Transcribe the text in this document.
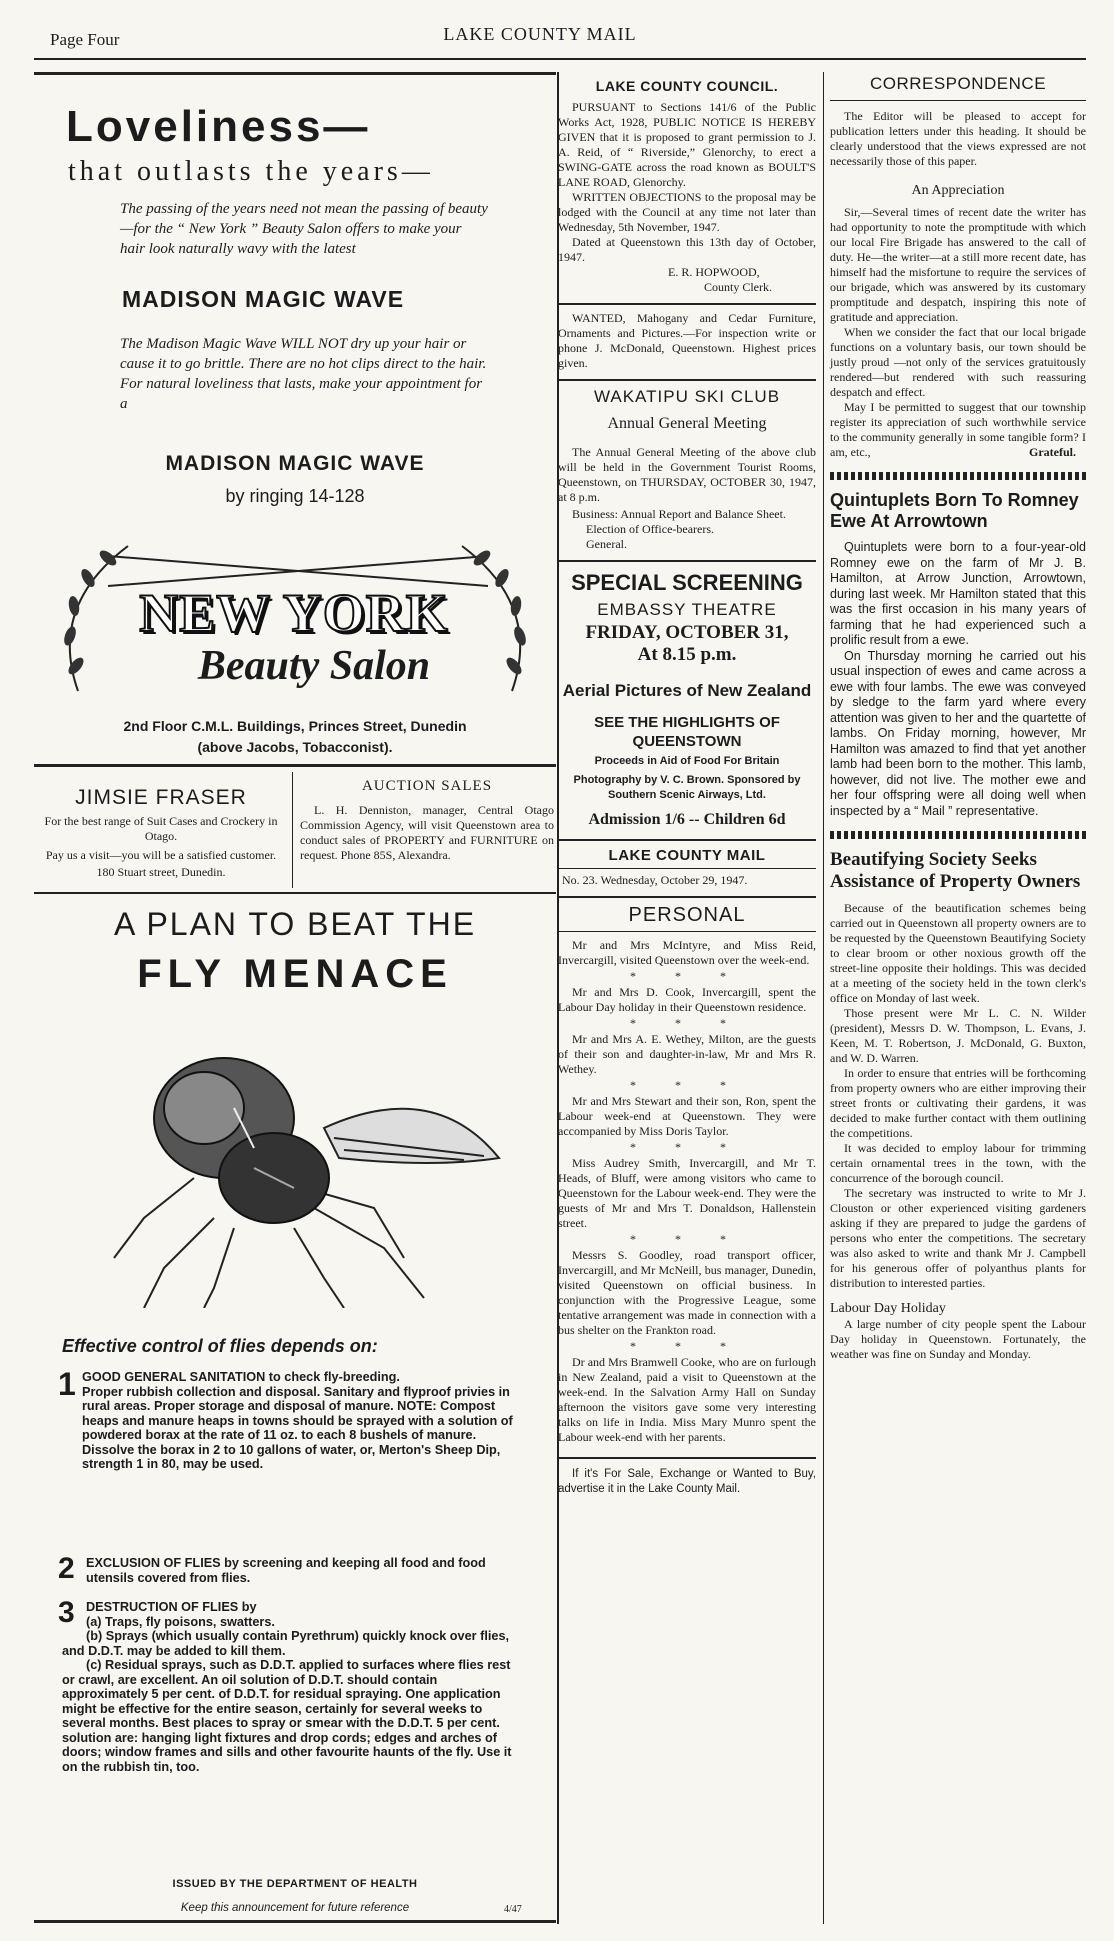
Page Four	LAKE COUNTY MAIL
Loveliness—
that outlasts the years—
The passing of the years need not mean the passing of beauty—for the “ New York ” Beauty Salon offers to make your hair look naturally wavy with the latest
MADISON MAGIC WAVE
The Madison Magic Wave WILL NOT dry up your hair or cause it to go brittle. There are no hot clips direct to the hair. For natural loveliness that lasts, make your appointment for a
MADISON MAGIC WAVE
by ringing 14-128
NEW YORK
Beauty Salon
2nd Floor C.M.L. Buildings, Princes Street, Dunedin
(above Jacobs, Tobacconist).
JIMSIE FRASER
For the best range of Suit Cases and Crockery in Otago.
Pay us a visit—you will be a satisfied customer.
180 Stuart street, Dunedin.
AUCTION SALES
L. H. Denniston, manager, Central Otago Commission Agency, will visit Queenstown area to conduct sales of PROPERTY and FURNITURE on request. Phone 85S, Alexandra.
A PLAN TO BEAT THE
FLY MENACE
Effective control of flies depends on:
1 GOOD GENERAL SANITATION to check fly-breeding.
Proper rubbish collection and disposal. Sanitary and flyproof privies in rural areas. Proper storage and disposal of manure. NOTE: Compost heaps and manure heaps in towns should be sprayed with a solution of powdered borax at the rate of 11 oz. to each 8 bushels of manure. Dissolve the borax in 2 to 10 gallons of water, or, Merton's Sheep Dip, strength 1 in 80, may be used.
2 EXCLUSION OF FLIES by screening and keeping all food and food utensils covered from flies.
3 DESTRUCTION OF FLIES by
(a) Traps, fly poisons, swatters.
(b) Sprays (which usually contain Pyrethrum) quickly knock over flies, and D.D.T. may be added to kill them.
(c) Residual sprays, such as D.D.T. applied to surfaces where flies rest or crawl, are excellent. An oil solution of D.D.T. should contain approximately 5 per cent. of D.D.T. for residual spraying. One application might be effective for the entire season, certainly for several weeks to several months. Best places to spray or smear with the D.D.T. 5 per cent. solution are: hanging light fixtures and drop cords; edges and arches of doors; window frames and sills and other favourite haunts of the fly. Use it on the rubbish tin, too.
ISSUED BY THE DEPARTMENT OF HEALTH
Keep this announcement for future reference	4/47
LAKE COUNTY COUNCIL.
PURSUANT to Sections 141/6 of the Public Works Act, 1928, PUBLIC NOTICE IS HEREBY GIVEN that it is proposed to grant permission to J. A. Reid, of “ Riverside,” Glenorchy, to erect a SWING-GATE across the road known as BOULT'S LANE ROAD, Glenorchy.
WRITTEN OBJECTIONS to the proposal may be lodged with the Council at any time not later than Wednesday, 5th November, 1947.
Dated at Queenstown this 13th day of October, 1947.
E. R. HOPWOOD,
County Clerk.
WANTED, Mahogany and Cedar Furniture, Ornaments and Pictures.—For inspection write or phone J. McDonald, Queenstown. Highest prices given.
WAKATIPU SKI CLUB
Annual General Meeting
The Annual General Meeting of the above club will be held in the Government Tourist Rooms, Queenstown, on THURSDAY, OCTOBER 30, 1947, at 8 p.m.
Business: Annual Report and Balance Sheet.
Election of Office-bearers.
General.
SPECIAL SCREENING
EMBASSY THEATRE
FRIDAY, OCTOBER 31,
At 8.15 p.m.
Aerial Pictures of New Zealand
SEE THE HIGHLIGHTS OF QUEENSTOWN
Proceeds in Aid of Food For Britain
Photography by V. C. Brown. Sponsored by Southern Scenic Airways, Ltd.
Admission 1/6 -- Children 6d
LAKE COUNTY MAIL
No. 23. Wednesday, October 29, 1947.
PERSONAL
Mr and Mrs McIntyre, and Miss Reid, Invercargill, visited Queenstown over the week-end.
* * *
Mr and Mrs D. Cook, Invercargill, spent the Labour Day holiday in their Queenstown residence.
* * *
Mr and Mrs A. E. Wethey, Milton, are the guests of their son and daughter-in-law, Mr and Mrs R. Wethey.
* * *
Mr and Mrs Stewart and their son, Ron, spent the Labour week-end at Queenstown. They were accompanied by Miss Doris Taylor.
* * *
Miss Audrey Smith, Invercargill, and Mr T. Heads, of Bluff, were among visitors who came to Queenstown for the Labour week-end. They were the guests of Mr and Mrs T. Donaldson, Hallenstein street.
* * *
Messrs S. Goodley, road transport officer, Invercargill, and Mr McNeill, bus manager, Dunedin, visited Queenstown on official business. In conjunction with the Progressive League, some tentative arrangement was made in connection with a bus shelter on the Frankton road.
* * *
Dr and Mrs Bramwell Cooke, who are on furlough in New Zealand, paid a visit to Queenstown at the week-end. In the Salvation Army Hall on Sunday afternoon the visitors gave some very interesting talks on life in India. Miss Mary Munro spent the Labour week-end with her parents.
If it's For Sale, Exchange or Wanted to Buy, advertise it in the Lake County Mail.
CORRESPONDENCE
The Editor will be pleased to accept for publication letters under this heading. It should be clearly understood that the views expressed are not necessarily those of this paper.
An Appreciation
Sir,—Several times of recent date the writer has had opportunity to note the promptitude with which our local Fire Brigade has answered to the call of duty. He—the writer—at a still more recent date, has himself had the misfortune to require the services of our brigade, which was answered by its customary promptitude and despatch, inspiring this note of gratitude and appreciation.
When we consider the fact that our local brigade functions on a voluntary basis, our town should be justly proud —not only of the services gratuitously rendered—but rendered with such reassuring despatch and effect.
May I be permitted to suggest that our township register its appreciation of such worthwhile service to the community generally in some tangible form? I am, etc.,	Grateful.
Quintuplets Born To Romney Ewe At Arrowtown
Quintuplets were born to a four-year-old Romney ewe on the farm of Mr J. B. Hamilton, at Arrow Junction, Arrowtown, during last week. Mr Hamilton stated that this was the first occasion in his many years of farming that he had experienced such a prolific result from a ewe.
On Thursday morning he carried out his usual inspection of ewes and came across a ewe with four lambs. The ewe was conveyed by sledge to the farm yard where every attention was given to her and the quartette of lambs. On Friday morning, however, Mr Hamilton was amazed to find that yet another lamb had been born to the mother. This lamb, however, did not live. The mother ewe and her four offspring were all doing well when inspected by a “ Mail ” representative.
Beautifying Society Seeks Assistance of Property Owners
Because of the beautification schemes being carried out in Queenstown all property owners are to be requested by the Queenstown Beautifying Society to clear broom or other noxious growth off the street-line opposite their holdings. This was decided at a meeting of the society held in the town clerk's office on Monday of last week.
Those present were Mr L. C. N. Wilder (president), Messrs D. W. Thompson, L. Evans, J. Keen, M. T. Robertson, J. McDonald, G. Buxton, and W. D. Warren.
In order to ensure that entries will be forthcoming from property owners who are either improving their street fronts or cultivating their gardens, it was decided to make further contact with them outlining the competitions.
It was decided to employ labour for trimming certain ornamental trees in the town, with the concurrence of the borough council.
The secretary was instructed to write to Mr J. Clouston or other experienced visiting gardeners asking if they are prepared to judge the gardens of persons who enter the competitions. The secretary was also asked to write and thank Mr J. Campbell for his generous offer of polyanthus plants for distribution to interested parties.
Labour Day Holiday
A large number of city people spent the Labour Day holiday in Queenstown. Fortunately, the weather was fine on Sunday and Monday.
